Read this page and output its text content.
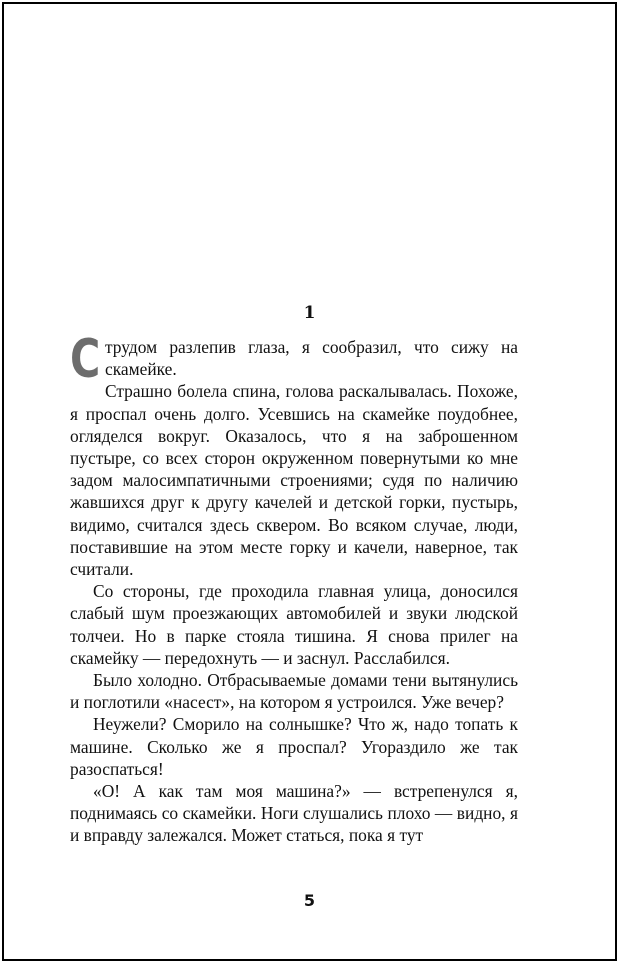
1

Струдом разлепив глаза, я сообразил, что сижу на скамейке.

Страшно болела спина, голова раскалывалась. Похоже, я проспал очень долго. Усевшись на скамейке поудобнее, огляделся вокруг. Оказалось, что я на заброшенном пустыре, со всех сторон окруженном повернутыми ко мне задом малосимпатичными строениями; судя по наличию жавшихся друг к другу качелей и детской горки, пустырь, видимо, считался здесь сквером. Во всяком случае, люди, поставившие на этом месте горку и качели, наверное, так считали.

Со стороны, где проходила главная улица, доносился слабый шум проезжающих автомобилей и звуки людской толчеи. Но в парке стояла тишина. Я снова прилег на скамейку — передохнуть — и заснул. Расслабился.

Было холодно. Отбрасываемые домами тени вытянулись и поглотили «насест», на котором я устроился. Уже вечер?

Неужели? Сморило на солнышке? Что ж, надо топать к машине. Сколько же я проспал? Угораздило же так разоспаться!

«О! А как там моя машина?» — встрепенулся я, поднимаясь со скамейки. Ноги слушались плохо — видно, я и вправду залежался. Может статься, пока я тут

5
